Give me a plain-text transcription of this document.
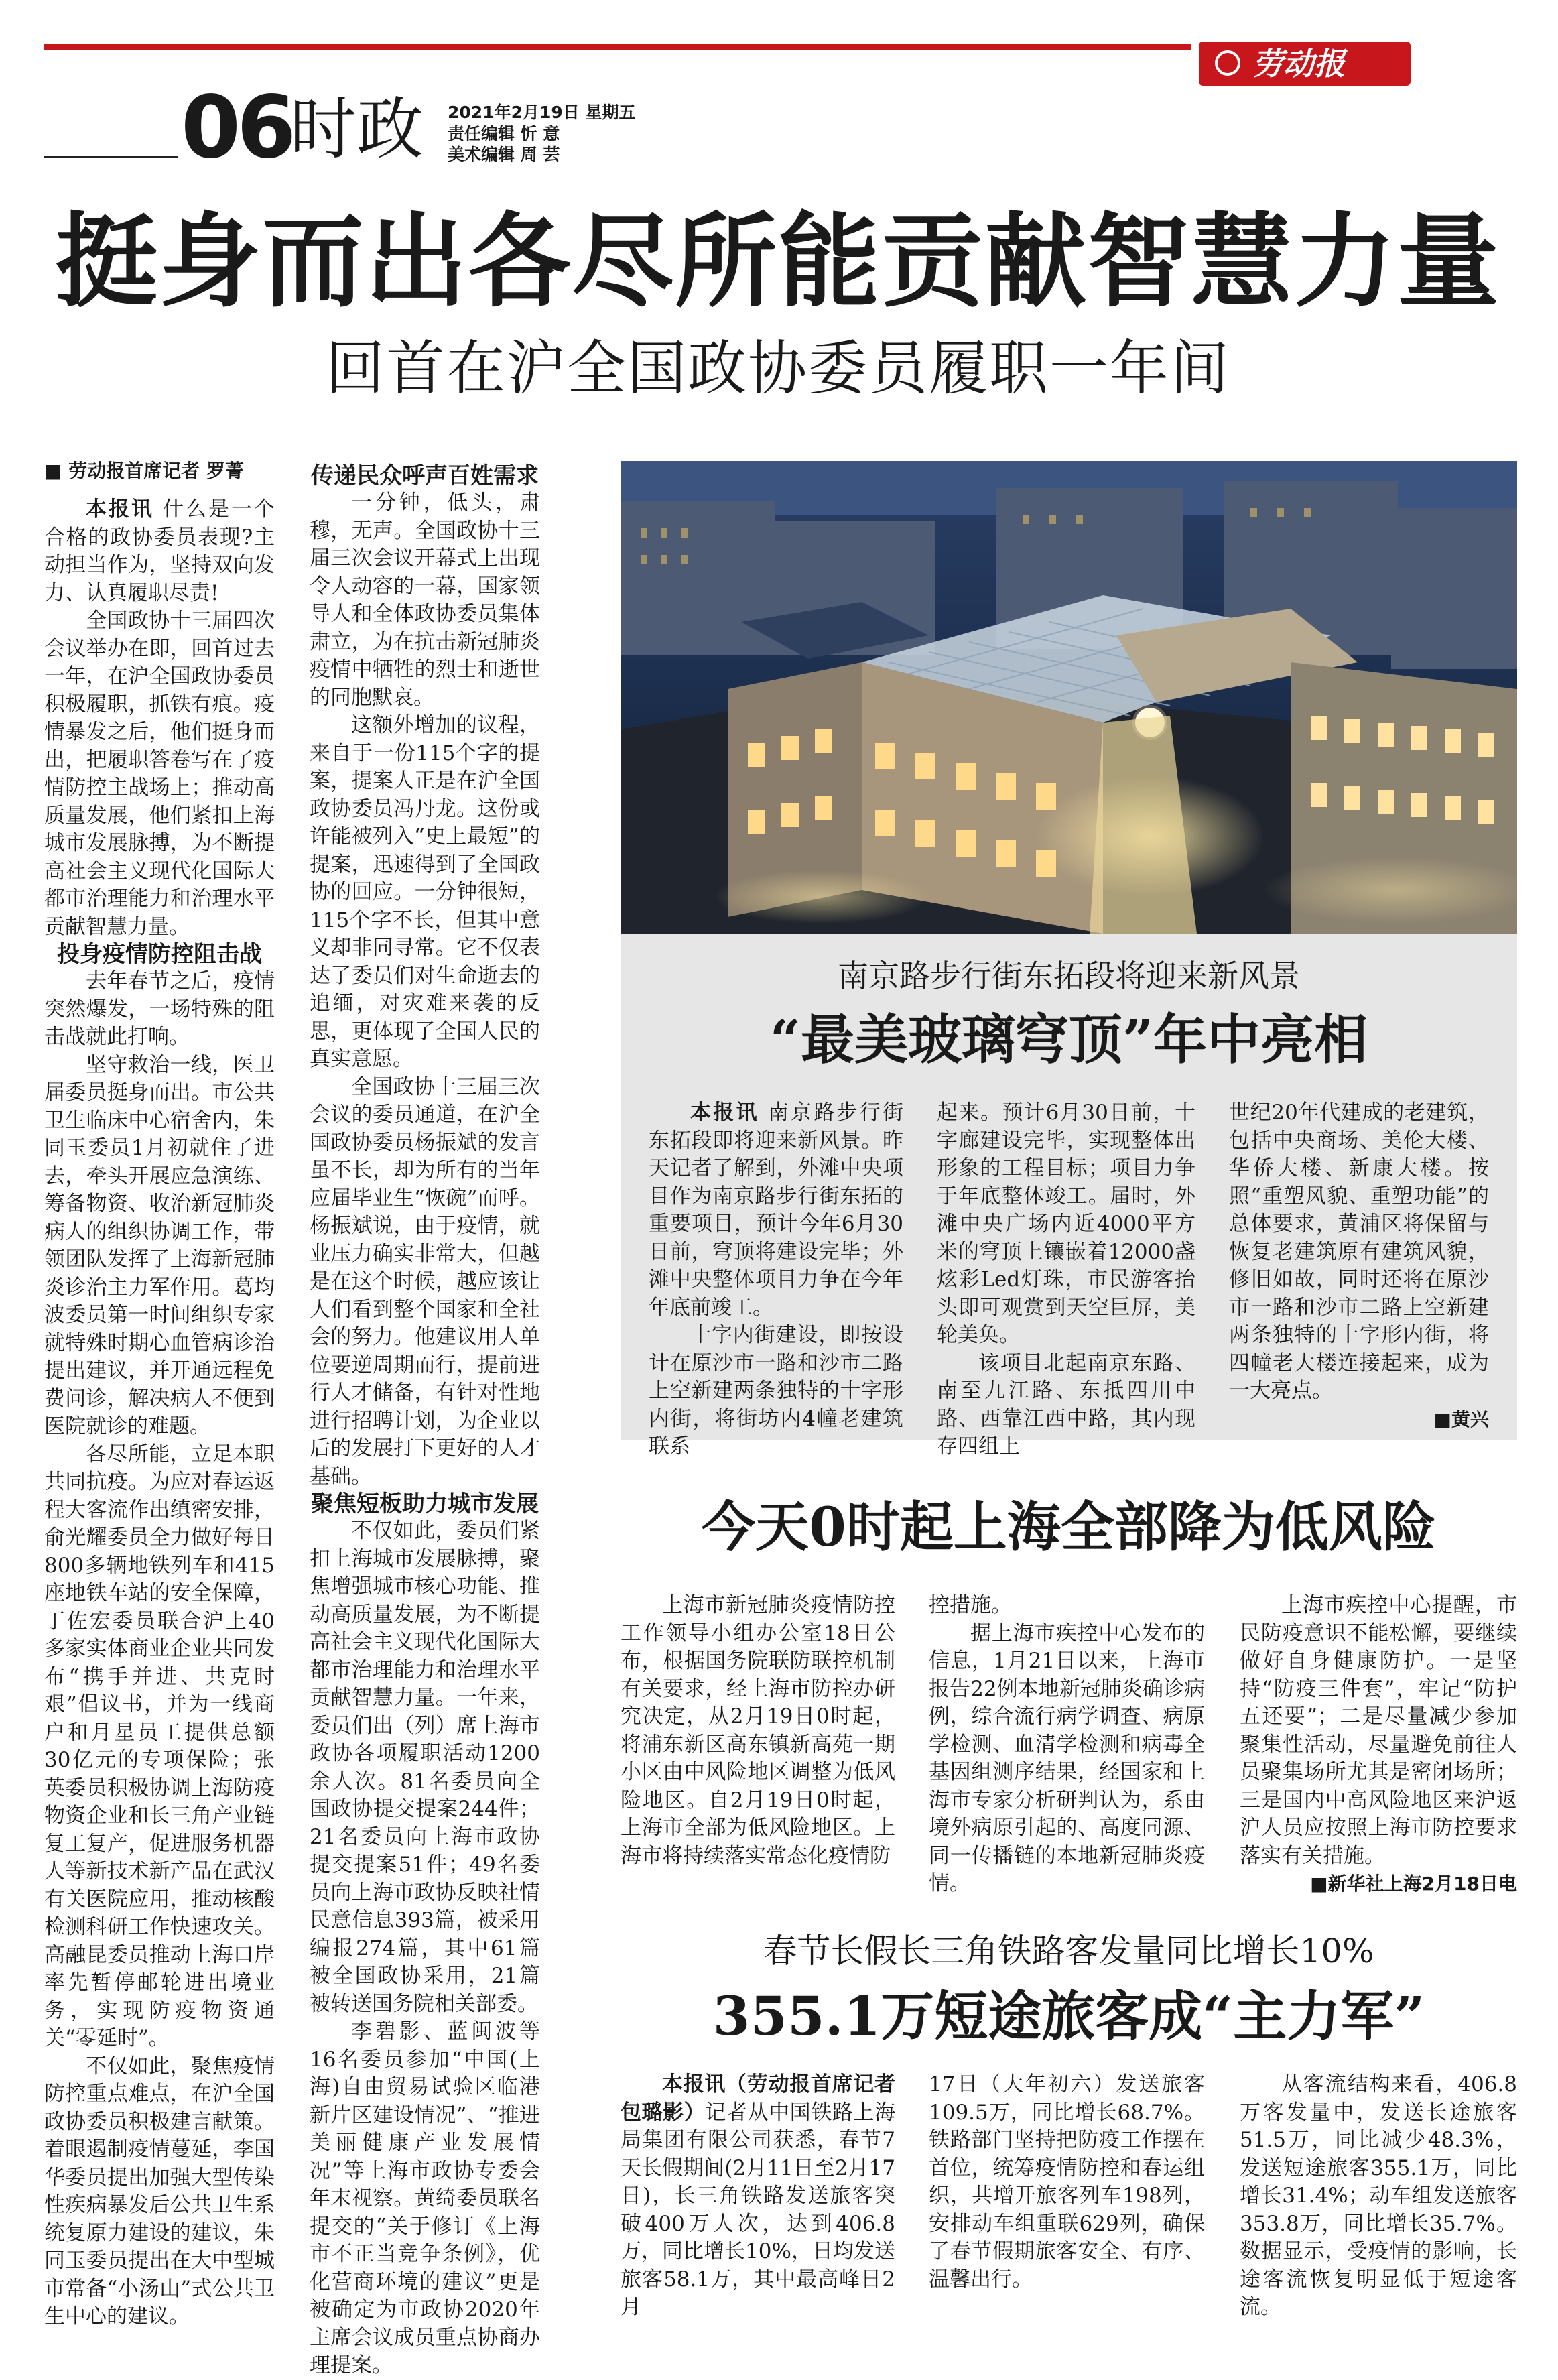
劳动报
06
时政 2021年2月19日 星期五
责任编辑 忻 意
美术编辑 周 芸
挺身而出各尽所能贡献智慧力量
回首在沪全国政协委员履职一年间

■ 劳动报首席记者 罗菁

本报讯 什么是一个合格的政协委员表现?主动担当作为，坚持双向发力、认真履职尽责!

全国政协十三届四次会议举办在即，回首过去一年，在沪全国政协委员积极履职，抓铁有痕。疫情暴发之后，他们挺身而出，把履职答卷写在了疫情防控主战场上；推动高质量发展，他们紧扣上海城市发展脉搏，为不断提高社会主义现代化国际大都市治理能力和治理水平贡献智慧力量。

投身疫情防控阻击战

去年春节之后，疫情突然爆发，一场特殊的阻击战就此打响。

坚守救治一线，医卫届委员挺身而出。市公共卫生临床中心宿舍内，朱同玉委员1月初就住了进去，牵头开展应急演练、筹备物资、收治新冠肺炎病人的组织协调工作，带领团队发挥了上海新冠肺炎诊治主力军作用。葛均波委员第一时间组织专家就特殊时期心血管病诊治提出建议，并开通远程免费问诊，解决病人不便到医院就诊的难题。

各尽所能，立足本职共同抗疫。为应对春运返程大客流作出缜密安排，俞光耀委员全力做好每日800多辆地铁列车和415座地铁车站的安全保障，丁佐宏委员联合沪上40多家实体商业企业共同发布“携手并进、共克时艰”倡议书，并为一线商户和月星员工提供总额30亿元的专项保险；张英委员积极协调上海防疫物资企业和长三角产业链复工复产，促进服务机器人等新技术新产品在武汉有关医院应用，推动核酸检测科研工作快速攻关。高融昆委员推动上海口岸率先暂停邮轮进出境业务，实现防疫物资通关“零延时”。

不仅如此，聚焦疫情防控重点难点，在沪全国政协委员积极建言献策。着眼遏制疫情蔓延，李国华委员提出加强大型传染性疾病暴发后公共卫生系统复原力建设的建议，朱同玉委员提出在大中型城市常备“小汤山”式公共卫生中心的建议。

传递民众呼声百姓需求

一分钟，低头，肃穆，无声。全国政协十三届三次会议开幕式上出现令人动容的一幕，国家领导人和全体政协委员集体肃立，为在抗击新冠肺炎疫情中牺牲的烈士和逝世的同胞默哀。

这额外增加的议程，来自于一份115个字的提案，提案人正是在沪全国政协委员冯丹龙。这份或许能被列入“史上最短”的提案，迅速得到了全国政协的回应。一分钟很短，115个字不长，但其中意义却非同寻常。它不仅表达了委员们对生命逝去的追缅，对灾难来袭的反思，更体现了全国人民的真实意愿。

全国政协十三届三次会议的委员通道，在沪全国政协委员杨振斌的发言虽不长，却为所有的当年应届毕业生“恢碗”而呼。杨振斌说，由于疫情，就业压力确实非常大，但越是在这个时候，越应该让人们看到整个国家和全社会的努力。他建议用人单位要逆周期而行，提前进行人才储备，有针对性地进行招聘计划，为企业以后的发展打下更好的人才基础。

聚焦短板助力城市发展

不仅如此，委员们紧扣上海城市发展脉搏，聚焦增强城市核心功能、推动高质量发展，为不断提高社会主义现代化国际大都市治理能力和治理水平贡献智慧力量。一年来，委员们出（列）席上海市政协各项履职活动1200余人次。81名委员向全国政协提交提案244件；21名委员向上海市政协提交提案51件；49名委员向上海市政协反映社情民意信息393篇，被采用编报274篇，其中61篇被全国政协采用，21篇被转送国务院相关部委。

李碧影、蓝闽波等16名委员参加“中国(上海)自由贸易试验区临港新片区建设情况”、“推进美丽健康产业发展情况”等上海市政协专委会年末视察。黄绮委员联名提交的“关于修订《上海市不正当竞争条例》，优化营商环境的建议”更是被确定为市政协2020年主席会议成员重点协商办理提案。

南京路步行街东拓段将迎来新风景
“最美玻璃穹顶”年中亮相

本报讯 南京路步行街东拓段即将迎来新风景。昨天记者了解到，外滩中央项目作为南京路步行街东拓的重要项目，预计今年6月30日前，穹顶将建设完毕；外滩中央整体项目力争在今年年底前竣工。

十字内街建设，即按设计在原沙市一路和沙市二路上空新建两条独特的十字形内街，将街坊内4幢老建筑联系

起来。预计6月30日前，十字廊建设完毕，实现整体出形象的工程目标；项目力争于年底整体竣工。届时，外滩中央广场内近4000平方米的穹顶上镶嵌着12000盏炫彩Led灯珠，市民游客抬头即可观赏到天空巨屏，美轮美奂。

该项目北起南京东路、南至九江路、东抵四川中路、西靠江西中路，其内现存四组上

世纪20年代建成的老建筑，包括中央商场、美伦大楼、华侨大楼、新康大楼。按照“重塑风貌、重塑功能”的总体要求，黄浦区将保留与恢复老建筑原有建筑风貌，修旧如故，同时还将在原沙市一路和沙市二路上空新建两条独特的十字形内街，将四幢老大楼连接起来，成为一大亮点。

■黄兴

今天0时起上海全部降为低风险

上海市新冠肺炎疫情防控工作领导小组办公室18日公布，根据国务院联防联控机制有关要求，经上海市防控办研究决定，从2月19日0时起，将浦东新区高东镇新高苑一期小区由中风险地区调整为低风险地区。自2月19日0时起，上海市全部为低风险地区。上海市将持续落实常态化疫情防

控措施。

据上海市疾控中心发布的信息，1月21日以来，上海市报告22例本地新冠肺炎确诊病例，综合流行病学调查、病原学检测、血清学检测和病毒全基因组测序结果，经国家和上海市专家分析研判认为，系由境外病原引起的、高度同源、同一传播链的本地新冠肺炎疫情。

上海市疾控中心提醒，市民防疫意识不能松懈，要继续做好自身健康防护。一是坚持“防疫三件套”，牢记“防护五还要”；二是尽量减少参加聚集性活动，尽量避免前往人员聚集场所尤其是密闭场所；三是国内中高风险地区来沪返沪人员应按照上海市防控要求落实有关措施。

■新华社上海2月18日电

春节长假长三角铁路客发量同比增长10%
355.1万短途旅客成“主力军”

本报讯（劳动报首席记者包璐影）记者从中国铁路上海局集团有限公司获悉，春节7天长假期间(2月11日至2月17日)，长三角铁路发送旅客突破400万人次，达到406.8万，同比增长10%，日均发送旅客58.1万，其中最高峰日2月

17日（大年初六）发送旅客109.5万，同比增长68.7%。铁路部门坚持把防疫工作摆在首位，统筹疫情防控和春运组织，共增开旅客列车198列，安排动车组重联629列，确保了春节假期旅客安全、有序、温馨出行。

从客流结构来看，406.8万客发量中，发送长途旅客51.5万，同比减少48.3%，发送短途旅客355.1万，同比增长31.4%；动车组发送旅客353.8万，同比增长35.7%。数据显示，受疫情的影响，长途客流恢复明显低于短途客流。
